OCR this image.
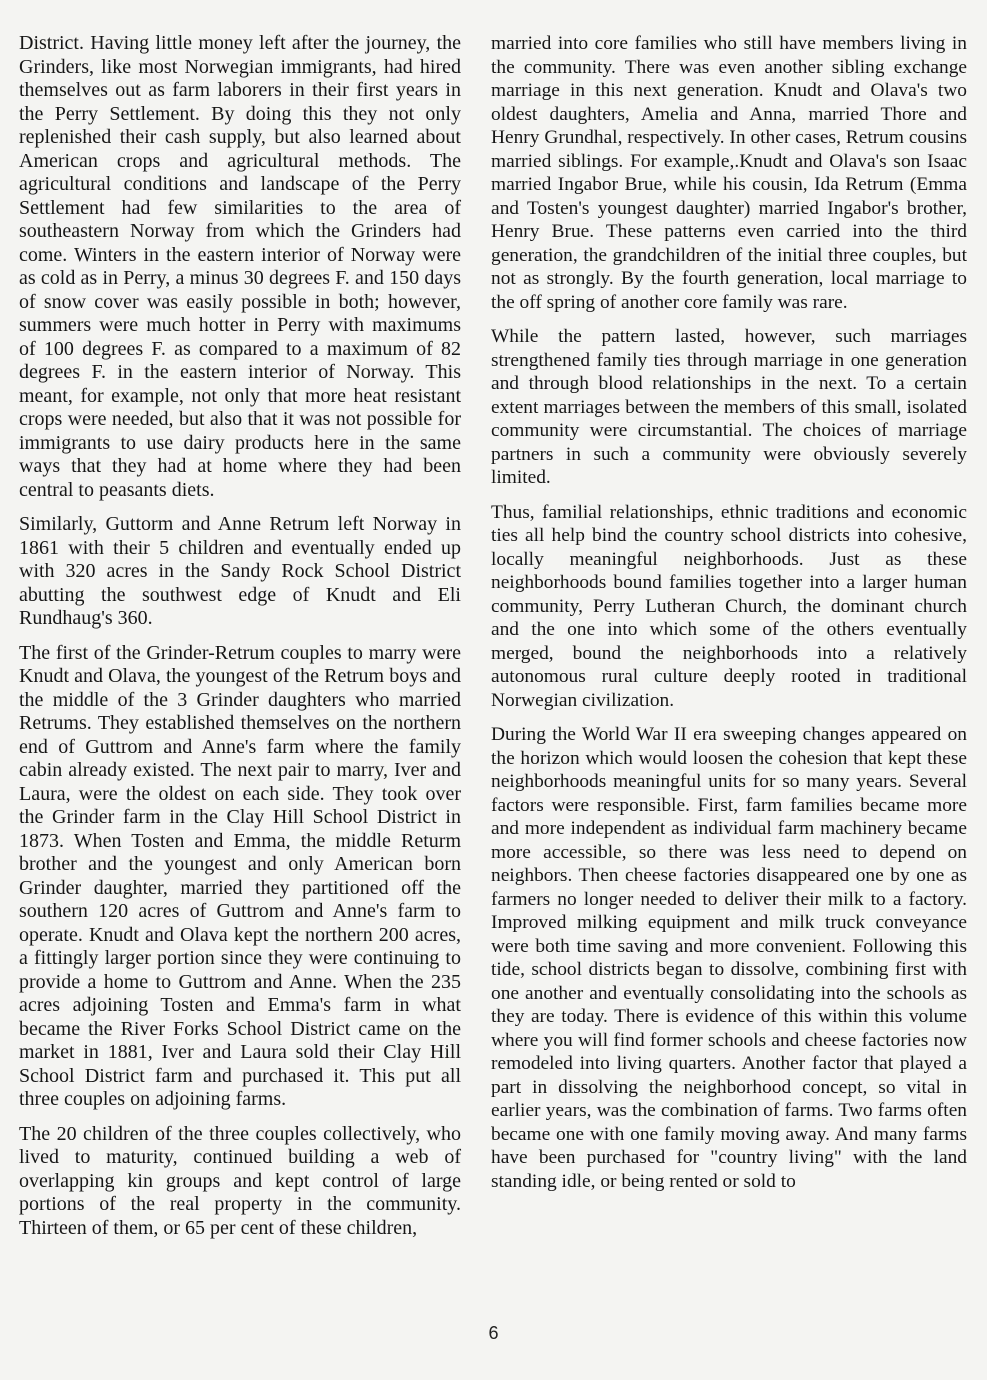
District. Having little money left after the journey, the Grinders, like most Norwegian immigrants, had hired themselves out as farm laborers in their first years in the Perry Settlement. By doing this they not only replenished their cash supply, but also learned about American crops and agricultural methods. The agricultural conditions and landscape of the Perry Settlement had few similarities to the area of southeastern Norway from which the Grinders had come. Winters in the eastern interior of Norway were as cold as in Perry, a minus 30 degrees F. and 150 days of snow cover was easily possible in both; however, summers were much hotter in Perry with maximums of 100 degrees F. as compared to a maximum of 82 degrees F. in the eastern interior of Norway. This meant, for example, not only that more heat resistant crops were needed, but also that it was not possible for immigrants to use dairy products here in the same ways that they had at home where they had been central to peasants diets.

Similarly, Guttorm and Anne Retrum left Norway in 1861 with their 5 children and eventually ended up with 320 acres in the Sandy Rock School District abutting the southwest edge of Knudt and Eli Rundhaug's 360.

The first of the Grinder-Retrum couples to marry were Knudt and Olava, the youngest of the Retrum boys and the middle of the 3 Grinder daughters who married Retrums. They established themselves on the northern end of Guttrom and Anne's farm where the family cabin already existed. The next pair to marry, Iver and Laura, were the oldest on each side. They took over the Grinder farm in the Clay Hill School District in 1873. When Tosten and Emma, the middle Returm brother and the youngest and only American born Grinder daughter, married they partitioned off the southern 120 acres of Guttrom and Anne's farm to operate. Knudt and Olava kept the northern 200 acres, a fittingly larger portion since they were continuing to provide a home to Guttrom and Anne. When the 235 acres adjoining Tosten and Emma's farm in what became the River Forks School District came on the market in 1881, Iver and Laura sold their Clay Hill School District farm and purchased it. This put all three couples on adjoining farms.

The 20 children of the three couples collectively, who lived to maturity, continued building a web of overlapping kin groups and kept control of large portions of the real property in the community. Thirteen of them, or 65 per cent of these children,

married into core families who still have members living in the community. There was even another sibling exchange marriage in this next generation. Knudt and Olava's two oldest daughters, Amelia and Anna, married Thore and Henry Grundhal, respectively. In other cases, Retrum cousins married siblings. For example,.Knudt and Olava's son Isaac married Ingabor Brue, while his cousin, Ida Retrum (Emma and Tosten's youngest daughter) married Ingabor's brother, Henry Brue. These patterns even carried into the third generation, the grandchildren of the initial three couples, but not as strongly. By the fourth generation, local marriage to the off spring of another core family was rare.

While the pattern lasted, however, such marriages strengthened family ties through marriage in one generation and through blood relationships in the next. To a certain extent marriages between the members of this small, isolated community were circumstantial. The choices of marriage partners in such a community were obviously severely limited.

Thus, familial relationships, ethnic traditions and economic ties all help bind the country school districts into cohesive, locally meaningful neighborhoods. Just as these neighborhoods bound families together into a larger human community, Perry Lutheran Church, the dominant church and the one into which some of the others eventually merged, bound the neighborhoods into a relatively autonomous rural culture deeply rooted in traditional Norwegian civilization.

During the World War II era sweeping changes appeared on the horizon which would loosen the cohesion that kept these neighborhoods meaningful units for so many years. Several factors were responsible. First, farm families became more and more independent as individual farm machinery became more accessible, so there was less need to depend on neighbors. Then cheese factories disappeared one by one as farmers no longer needed to deliver their milk to a factory. Improved milking equipment and milk truck conveyance were both time saving and more convenient. Following this tide, school districts began to dissolve, combining first with one another and eventually consolidating into the schools as they are today. There is evidence of this within this volume where you will find former schools and cheese factories now remodeled into living quarters. Another factor that played a part in dissolving the neighborhood concept, so vital in earlier years, was the combination of farms. Two farms often became one with one family moving away. And many farms have been purchased for "country living" with the land standing idle, or being rented or sold to

6
